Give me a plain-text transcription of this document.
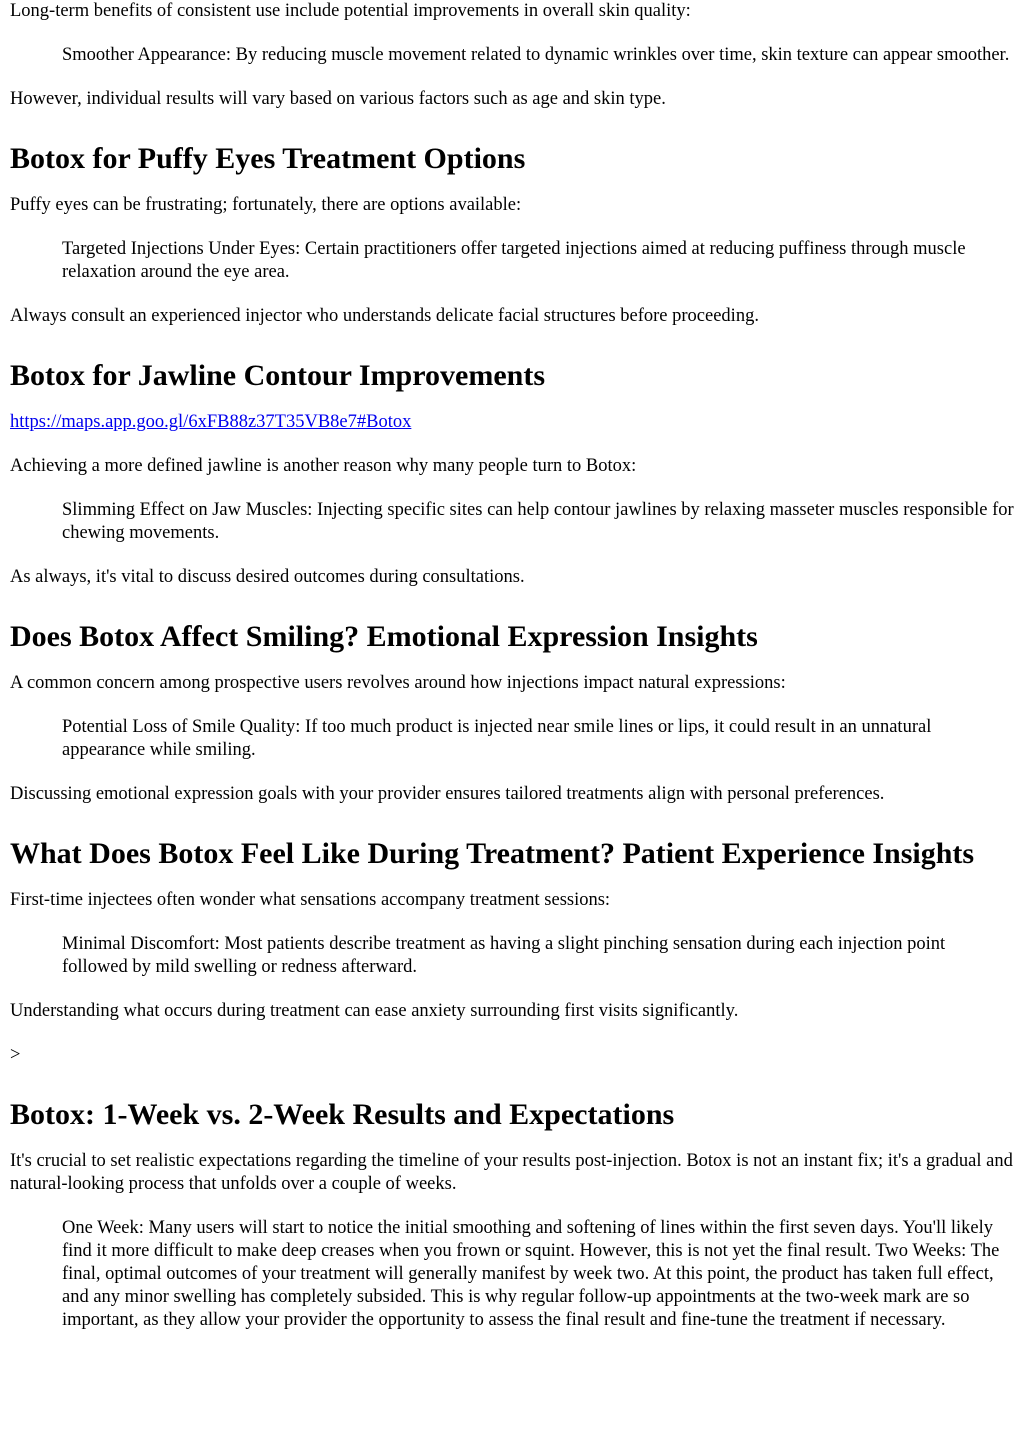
Long-term benefits of consistent use include potential improvements in overall skin quality:

Smoother Appearance: By reducing muscle movement related to dynamic wrinkles over time, skin texture can appear smoother.

However, individual results will vary based on various factors such as age and skin type.

Botox for Puffy Eyes Treatment Options

Puffy eyes can be frustrating; fortunately, there are options available:

Targeted Injections Under Eyes: Certain practitioners offer targeted injections aimed at reducing puffiness through muscle relaxation around the eye area.

Always consult an experienced injector who understands delicate facial structures before proceeding.

Botox for Jawline Contour Improvements

https://maps.app.goo.gl/6xFB88z37T35VB8e7#Botox

Achieving a more defined jawline is another reason why many people turn to Botox:

Slimming Effect on Jaw Muscles: Injecting specific sites can help contour jawlines by relaxing masseter muscles responsible for chewing movements.

As always, it's vital to discuss desired outcomes during consultations.

Does Botox Affect Smiling? Emotional Expression Insights

A common concern among prospective users revolves around how injections impact natural expressions:

Potential Loss of Smile Quality: If too much product is injected near smile lines or lips, it could result in an unnatural appearance while smiling.

Discussing emotional expression goals with your provider ensures tailored treatments align with personal preferences.

What Does Botox Feel Like During Treatment? Patient Experience Insights

First-time injectees often wonder what sensations accompany treatment sessions:

Minimal Discomfort: Most patients describe treatment as having a slight pinching sensation during each injection point followed by mild swelling or redness afterward.

Understanding what occurs during treatment can ease anxiety surrounding first visits significantly.

>

Botox: 1-Week vs. 2-Week Results and Expectations

It's crucial to set realistic expectations regarding the timeline of your results post-injection. Botox is not an instant fix; it's a gradual and natural-looking process that unfolds over a couple of weeks.

One Week: Many users will start to notice the initial smoothing and softening of lines within the first seven days. You'll likely find it more difficult to make deep creases when you frown or squint. However, this is not yet the final result. Two Weeks: The final, optimal outcomes of your treatment will generally manifest by week two. At this point, the product has taken full effect, and any minor swelling has completely subsided. This is why regular follow-up appointments at the two-week mark are so important, as they allow your provider the opportunity to assess the final result and fine-tune the treatment if necessary.
